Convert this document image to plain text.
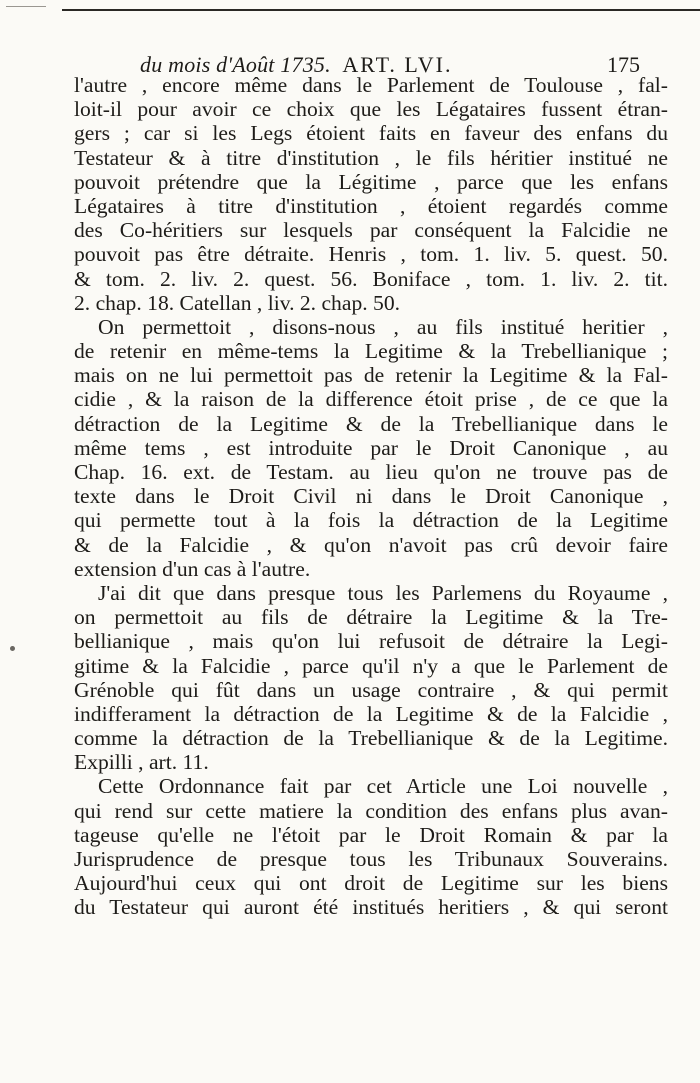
du mois d'Août 1735. ART. LVI.	175
l'autre , encore même dans le Parlement de Toulouse , fal-
loit-il pour avoir ce choix que les Légataires fussent étran-
gers ; car si les Legs étoient faits en faveur des enfans du
Testateur & à titre d'institution , le fils héritier institué ne
pouvoit prétendre que la Légitime , parce que les enfans
Légataires à titre d'institution , étoient regardés comme
des Co-héritiers sur lesquels par conséquent la Falcidie ne
pouvoit pas être détraite. Henris , tom. 1. liv. 5. quest. 50.
& tom. 2. liv. 2. quest. 56. Boniface , tom. 1. liv. 2. tit.
2. chap. 18. Catellan , liv. 2. chap. 50.
On permettoit , disons-nous , au fils institué heritier ,
de retenir en même-tems la Legitime & la Trebellianique ;
mais on ne lui permettoit pas de retenir la Legitime & la Fal-
cidie , & la raison de la difference étoit prise , de ce que la
détraction de la Legitime & de la Trebellianique dans le
même tems , est introduite par le Droit Canonique , au
Chap. 16. ext. de Testam. au lieu qu'on ne trouve pas de
texte dans le Droit Civil ni dans le Droit Canonique ,
qui permette tout à la fois la détraction de la Legitime
& de la Falcidie , & qu'on n'avoit pas crû devoir faire
extension d'un cas à l'autre.
J'ai dit que dans presque tous les Parlemens du Royaume ,
on permettoit au fils de détraire la Legitime & la Tre-
bellianique , mais qu'on lui refusoit de détraire la Legi-
gitime & la Falcidie , parce qu'il n'y a que le Parlement de
Grénoble qui fût dans un usage contraire , & qui permit
indifferament la détraction de la Legitime & de la Falcidie ,
comme la détraction de la Trebellianique & de la Legitime.
Expilli , art. 11.
Cette Ordonnance fait par cet Article une Loi nouvelle ,
qui rend sur cette matiere la condition des enfans plus avan-
tageuse qu'elle ne l'étoit par le Droit Romain & par la
Jurisprudence de presque tous les Tribunaux Souverains.
Aujourd'hui ceux qui ont droit de Legitime sur les biens
du Testateur qui auront été institués heritiers , & qui seront
